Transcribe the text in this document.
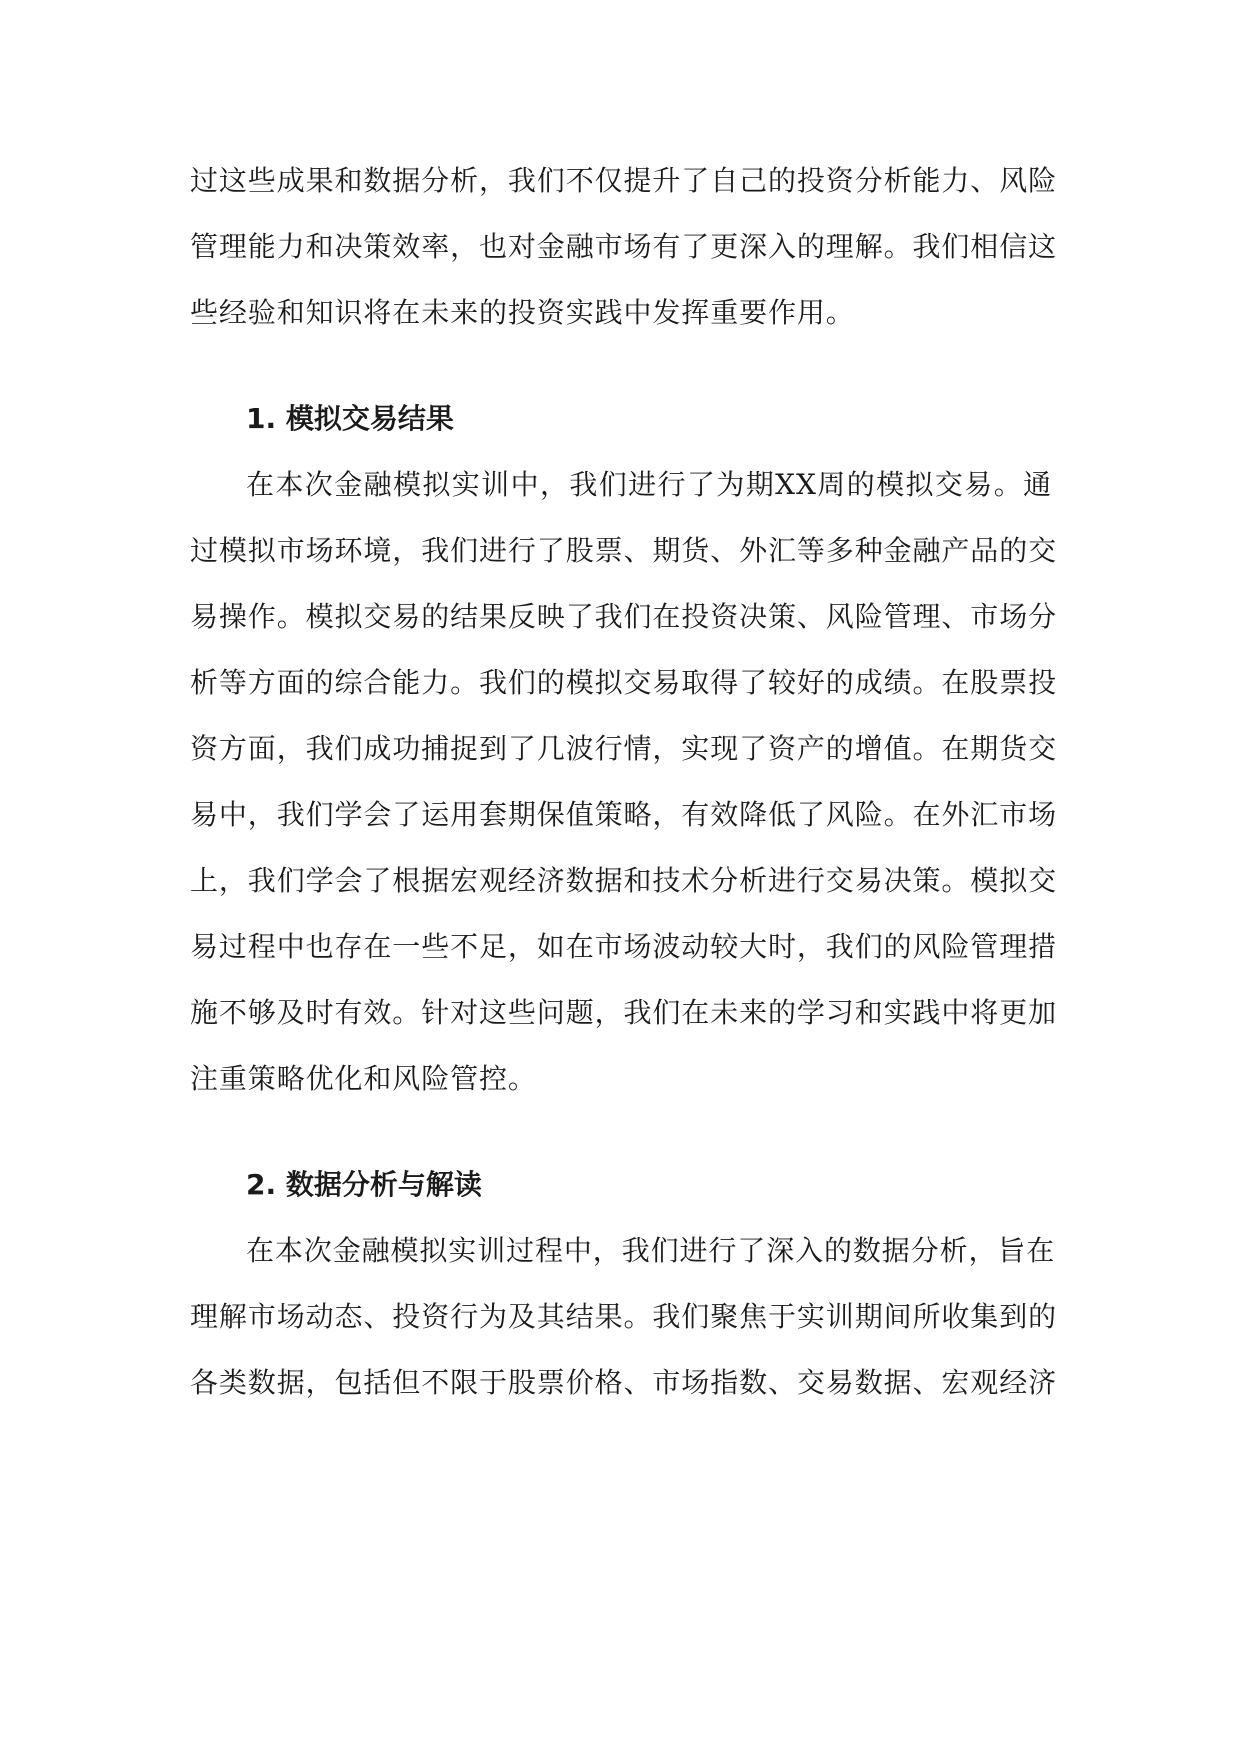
过这些成果和数据分析，我们不仅提升了自己的投资分析能力、风险
管理能力和决策效率，也对金融市场有了更深入的理解。我们相信这
些经验和知识将在未来的投资实践中发挥重要作用。
1. 模拟交易结果
在本次金融模拟实训中，我们进行了为期XX周的模拟交易。通
过模拟市场环境，我们进行了股票、期货、外汇等多种金融产品的交
易操作。模拟交易的结果反映了我们在投资决策、风险管理、市场分
析等方面的综合能力。我们的模拟交易取得了较好的成绩。在股票投
资方面，我们成功捕捉到了几波行情，实现了资产的增值。在期货交
易中，我们学会了运用套期保值策略，有效降低了风险。在外汇市场
上，我们学会了根据宏观经济数据和技术分析进行交易决策。模拟交
易过程中也存在一些不足，如在市场波动较大时，我们的风险管理措
施不够及时有效。针对这些问题，我们在未来的学习和实践中将更加
注重策略优化和风险管控。
2. 数据分析与解读
在本次金融模拟实训过程中，我们进行了深入的数据分析，旨在
理解市场动态、投资行为及其结果。我们聚焦于实训期间所收集到的
各类数据，包括但不限于股票价格、市场指数、交易数据、宏观经济
